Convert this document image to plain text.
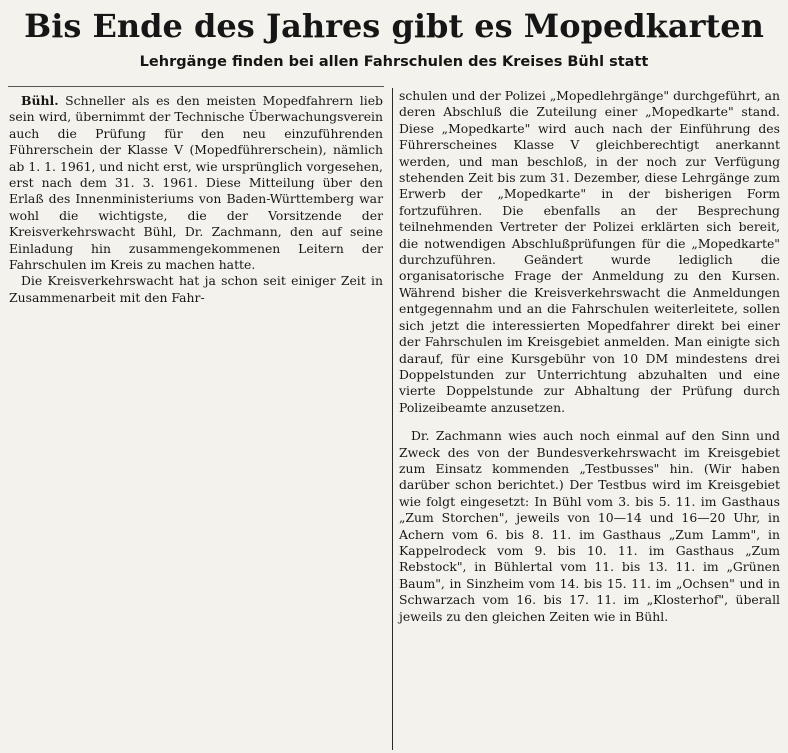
Bis Ende des Jahres gibt es Mopedkarten
Lehrgänge finden bei allen Fahrschulen des Kreises Bühl statt

Bühl. Schneller als es den meisten Mopedfahrern lieb sein wird, übernimmt der Technische Überwachungsverein auch die Prüfung für den neu einzuführenden Führerschein der Klasse V (Mopedführerschein), nämlich ab 1. 1. 1961, und nicht erst, wie ursprünglich vorgesehen, erst nach dem 31. 3. 1961. Diese Mitteilung über den Erlaß des Innenministeriums von Baden-Württemberg war wohl die wichtigste, die der Vorsitzende der Kreisverkehrswacht Bühl, Dr. Zachmann, den auf seine Einladung hin zusammengekommenen Leitern der Fahrschulen im Kreis zu machen hatte.

Die Kreisverkehrswacht hat ja schon seit einiger Zeit in Zusammenarbeit mit den Fahr-

schulen und der Polizei „Mopedlehrgänge" durchgeführt, an deren Abschluß die Zuteilung einer „Mopedkarte" stand. Diese „Mopedkarte" wird auch nach der Einführung des Führerscheines Klasse V gleichberechtigt anerkannt werden, und man beschloß, in der noch zur Verfügung stehenden Zeit bis zum 31. Dezember, diese Lehrgänge zum Erwerb der „Mopedkarte" in der bisherigen Form fortzuführen. Die ebenfalls an der Besprechung teilnehmenden Vertreter der Polizei erklärten sich bereit, die notwendigen Abschlußprüfungen für die „Mopedkarte" durchzuführen. Geändert wurde lediglich die organisatorische Frage der Anmeldung zu den Kursen. Während bisher die Kreisverkehrswacht die Anmeldungen entgegennahm und an die Fahrschulen weiterleitete, sollen sich jetzt die interessierten Mopedfahrer direkt bei einer der Fahrschulen im Kreisgebiet anmelden. Man einigte sich darauf, für eine Kursgebühr von 10 DM mindestens drei Doppelstunden zur Unterrichtung abzuhalten und eine vierte Doppelstunde zur Abhaltung der Prüfung durch Polizeibeamte anzusetzen.

Dr. Zachmann wies auch noch einmal auf den Sinn und Zweck des von der Bundesverkehrswacht im Kreisgebiet zum Einsatz kommenden „Testbusses" hin. (Wir haben darüber schon berichtet.) Der Testbus wird im Kreisgebiet wie folgt eingesetzt: In Bühl vom 3. bis 5. 11. im Gasthaus „Zum Storchen", jeweils von 10—14 und 16—20 Uhr, in Achern vom 6. bis 8. 11. im Gasthaus „Zum Lamm", in Kappelrodeck vom 9. bis 10. 11. im Gasthaus „Zum Rebstock", in Bühlertal vom 11. bis 13. 11. im „Grünen Baum", in Sinzheim vom 14. bis 15. 11. im „Ochsen" und in Schwarzach vom 16. bis 17. 11. im „Klosterhof", überall jeweils zu den gleichen Zeiten wie in Bühl.
